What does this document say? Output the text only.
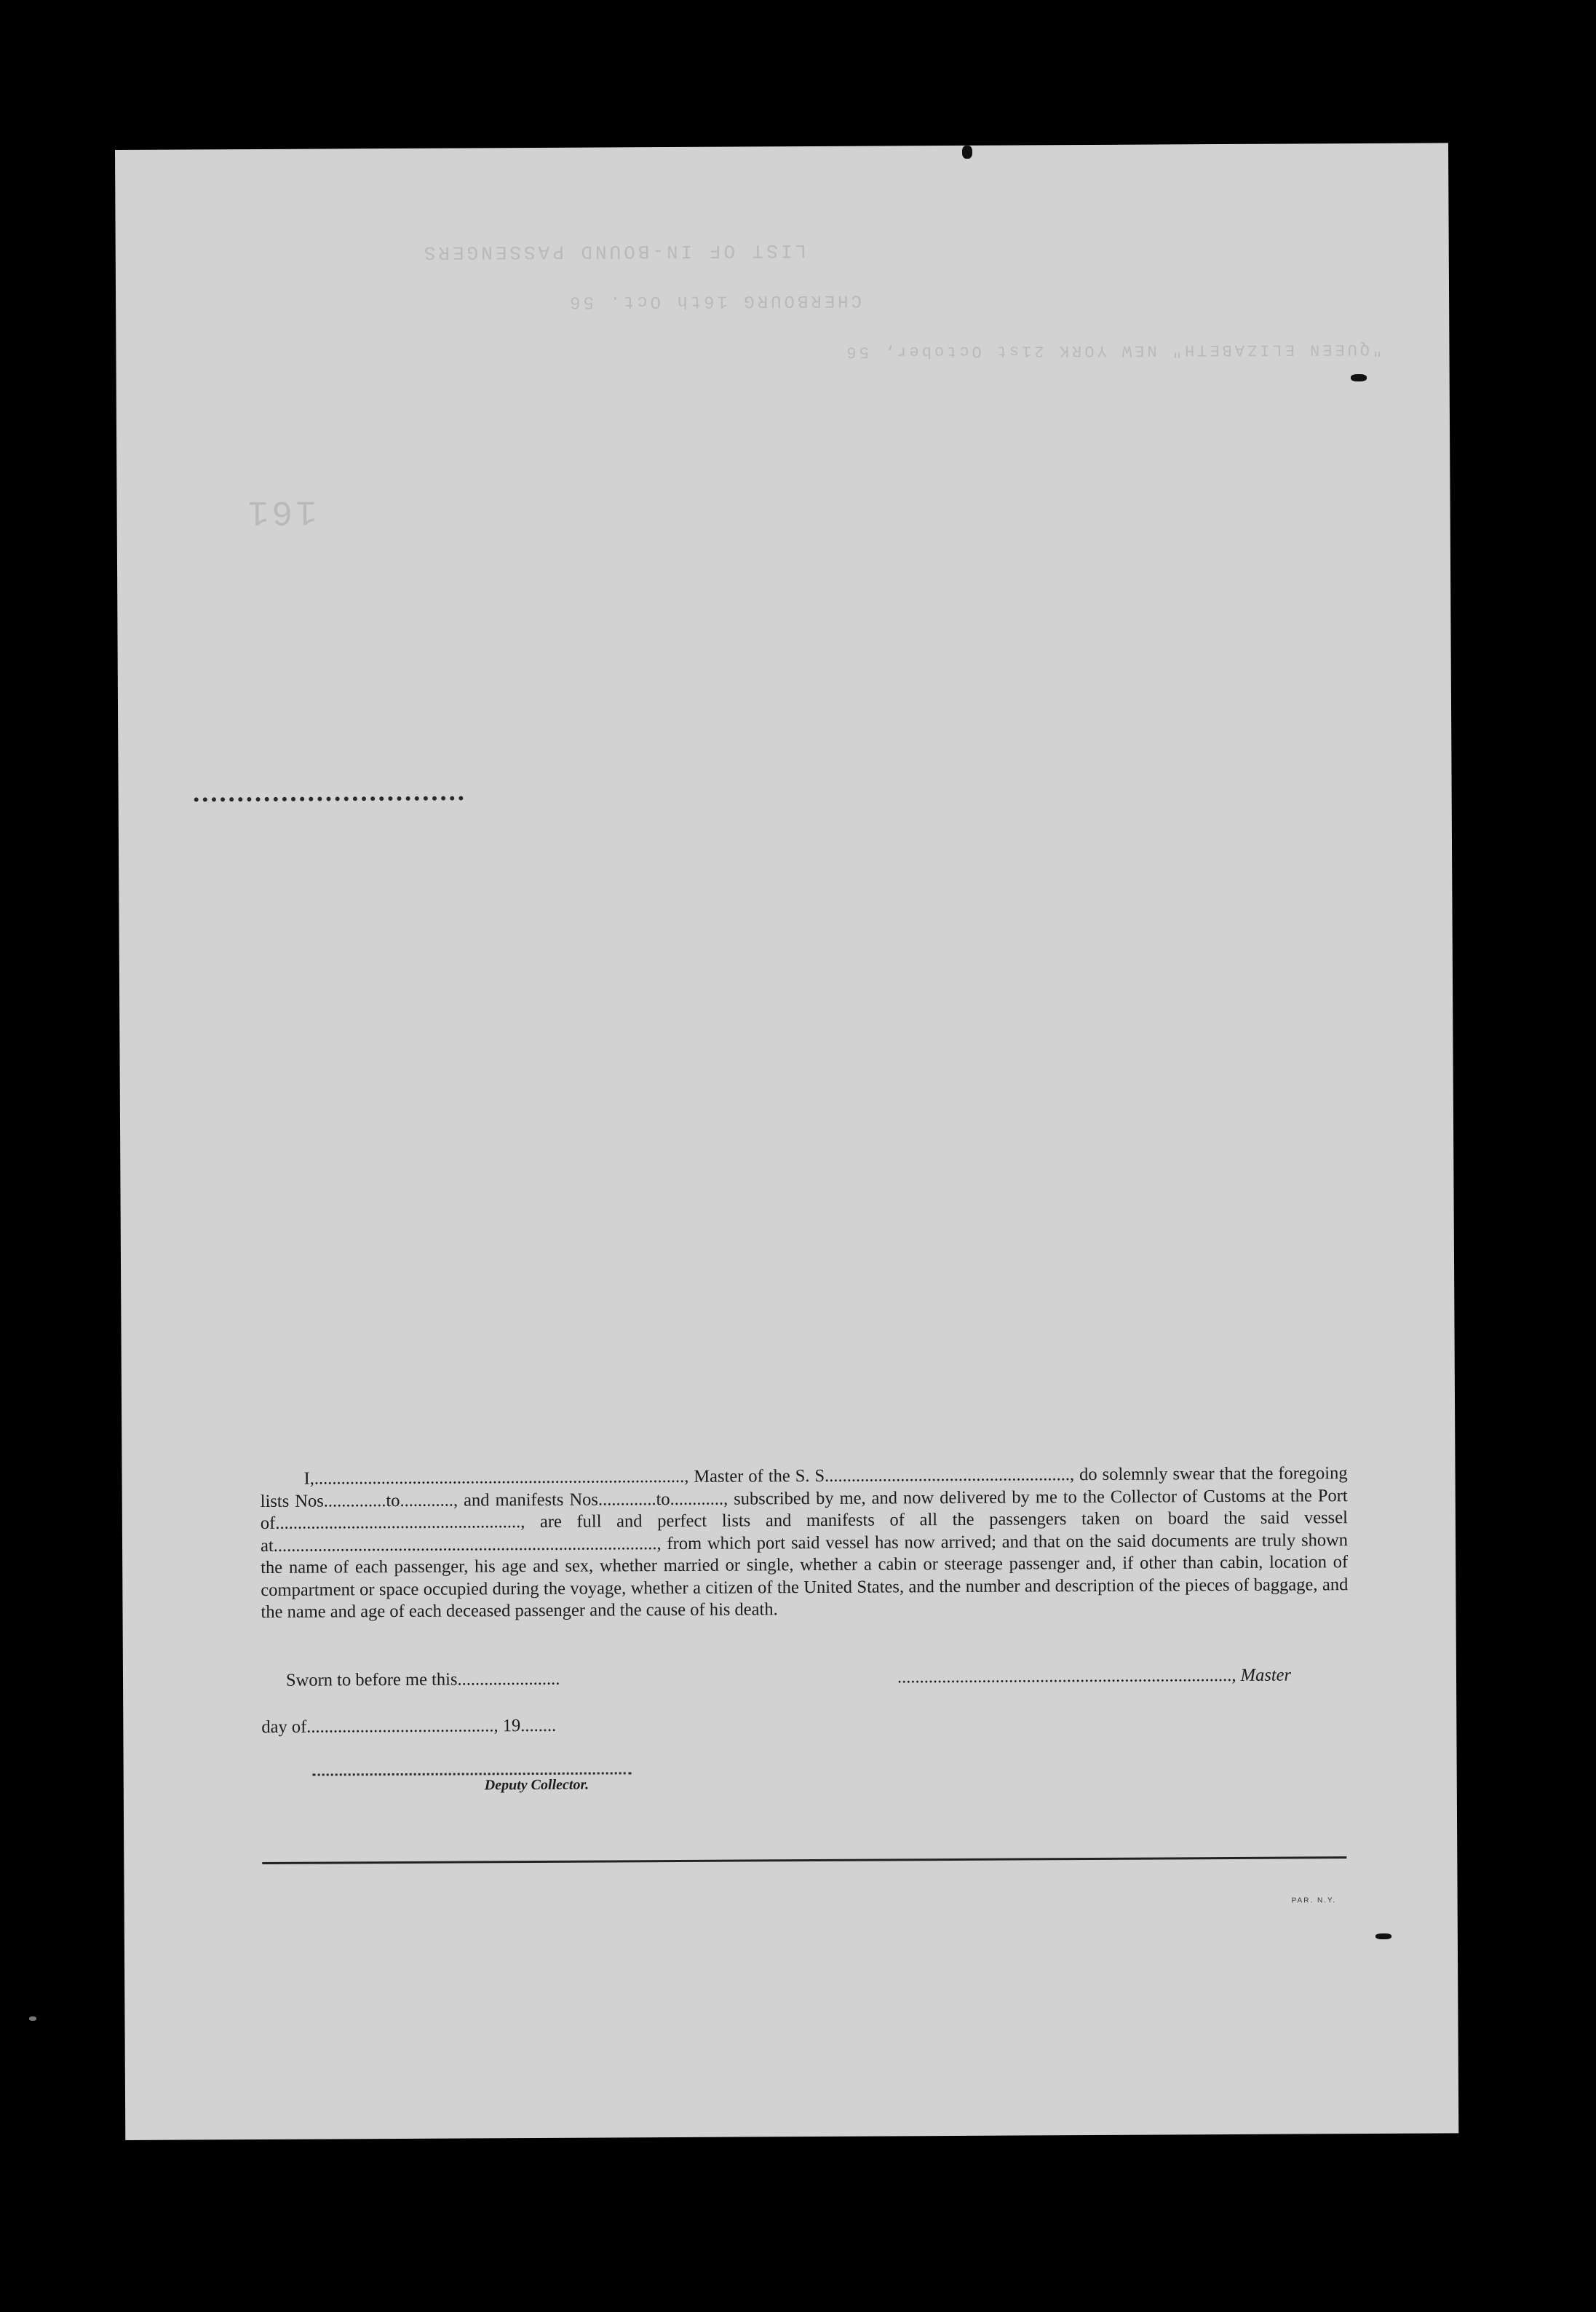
LIST OF IN-BOUND PASSENGERS
CHERBOURG 16th Oct. 56
"QUEEN ELIZABETH" NEW YORK 21st October, 56
161

I,..................................................................................., Master of the S. S......................................................., do solemnly swear that the foregoing lists Nos..............to............, and manifests Nos.............to............, subscribed by me, and now delivered by me to the Collector of Customs at the Port of......................................................., are full and perfect lists and manifests of all the passengers taken on board the said vessel at......................................................................................, from which port said vessel has now arrived; and that on the said documents are truly shown the name of each passenger, his age and sex, whether married or single, whether a cabin or steerage passenger and, if other than cabin, location of compartment or space occupied during the voyage, whether a citizen of the United States, and the number and description of the pieces of baggage, and the name and age of each deceased passenger and the cause of his death.

Sworn to before me this.......................	..........................................................................., Master
day of.........................................., 19........
Deputy Collector.
PAR. N.Y.
